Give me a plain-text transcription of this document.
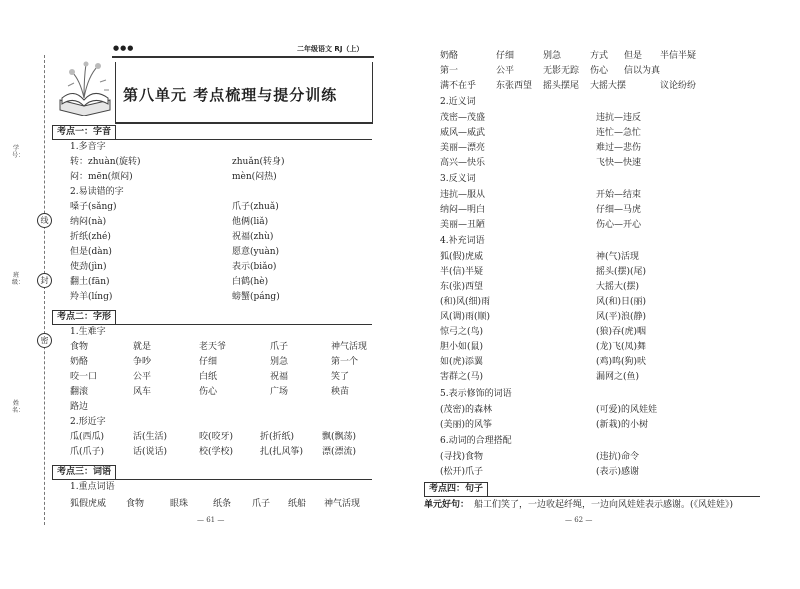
学号：
班级：
姓名：
线
封
密
●●●	二年级语文 RJ（上）
第八单元 考点梳理与提分训练
考点一：字音
1.多音字
转：zhuàn(旋转)	zhuǎn(转身)
闷：mēn(烦闷)	mèn(闷热)
2.易读错的字
嗓子(sǎng)	爪子(zhuǎ)
纳闷(nà)	他俩(liǎ)
折纸(zhé)	祝福(zhù)
但是(dàn)	愿意(yuàn)
使劲(jìn)	表示(biǎo)
翻土(fān)	白鹤(hè)
羚羊(líng)	螃蟹(páng)
考点二：字形
1.生难字
食物	就是	老天爷	爪子	神气活现
奶酪	争吵	仔细	别急	第一个
咬一口	公平	白纸	祝福	笑了
翻滚	风车	伤心	广场	秧苗
路边
2.形近字
瓜(西瓜)	活(生活)	咬(咬牙)	折(折纸)	飘(飘荡)
爪(爪子)	话(说话)	校(学校)	扎(扎风筝) 漂(漂流)
考点三：词语
1.重点词语
狐假虎威 食物	眼珠	纸条 爪子 纸船 神气活现
— 61 —
奶酪	仔细	别急	方式 但是 半信半疑
第一	公平	无影无踪 伤心 信以为真
满不在乎 东张西望 摇头摆尾 大摇大摆	议论纷纷
2.近义词
茂密—茂盛	违抗—违反
威风—威武	连忙—急忙
美丽—漂亮	难过—悲伤
高兴—快乐	飞快—快速
3.反义词
违抗—服从	开始—结束
纳闷—明白	仔细—马虎
美丽—丑陋	伤心—开心
4.补充词语
狐(假)虎威	神(气)活现
半(信)半疑	摇头(摆)(尾)
东(张)西望	大摇大(摆)
(和)风(细)雨	风(和)日(丽)
风(调)雨(顺)	风(平)浪(静)
惊弓之(鸟)	(狼)吞(虎)咽
胆小如(鼠)	(龙)飞(凤)舞
如(虎)添翼	(鸡)鸣(狗)吠
害群之(马)	漏网之(鱼)
5.表示修饰的词语
(茂密)的森林	(可爱)的风娃娃
(美丽)的风筝	(新栽)的小树
6.动词的合理搭配
(寻找)食物	(违抗)命令
(松开)爪子	(表示)感谢
考点四：句子
单元好句： 船工们笑了，一边收起纤绳，一边向风娃娃表示感谢。(《风娃娃》)
— 62 —
